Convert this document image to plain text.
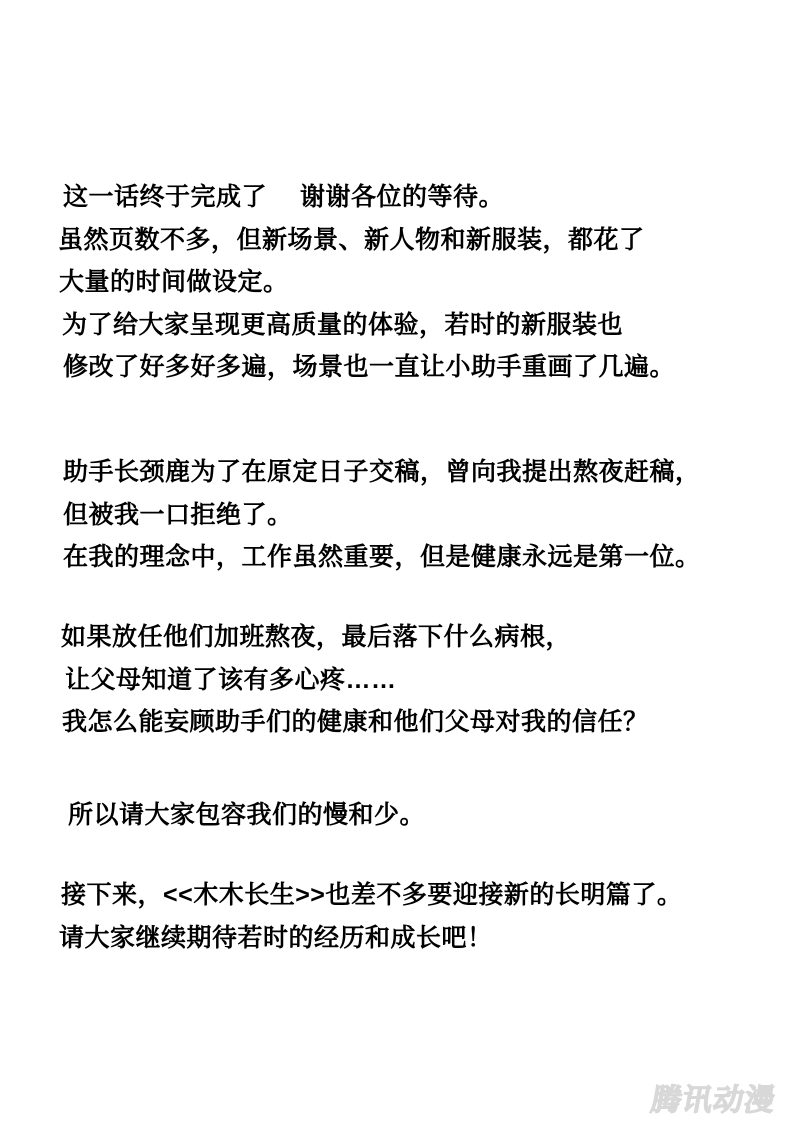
这一话终于完成了　 谢谢各位的等待。
虽然页数不多，但新场景、新人物和新服装，都花了
大量的时间做设定。
为了给大家呈现更高质量的体验，若时的新服装也
修改了好多好多遍，场景也一直让小助手重画了几遍。
助手长颈鹿为了在原定日子交稿，曾向我提出熬夜赶稿，
但被我一口拒绝了。
在我的理念中，工作虽然重要，但是健康永远是第一位。
如果放任他们加班熬夜，最后落下什么病根，
让父母知道了该有多心疼……
我怎么能妄顾助手们的健康和他们父母对我的信任？
所以请大家包容我们的慢和少。
接下来，<<木木长生>>也差不多要迎接新的长明篇了。
请大家继续期待若时的经历和成长吧！
腾讯动漫
